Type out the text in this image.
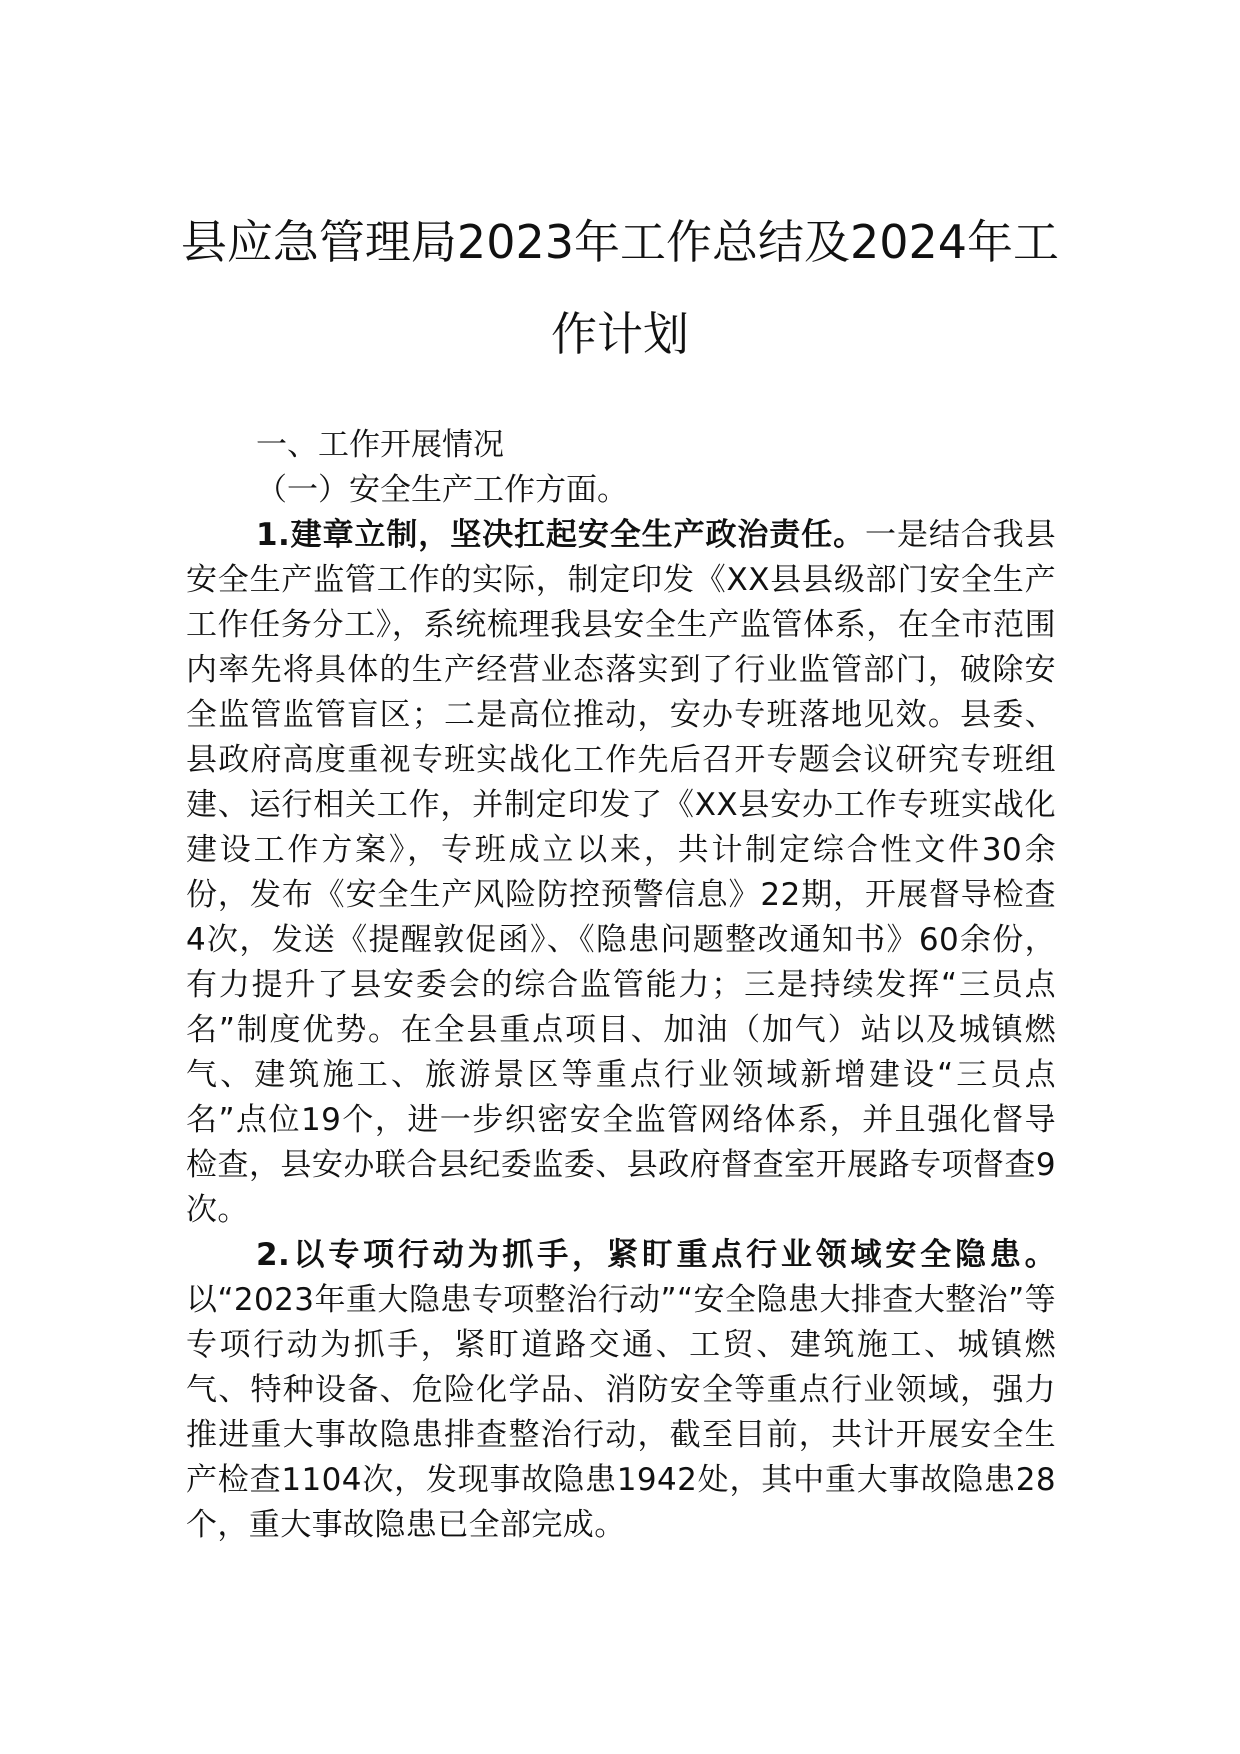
县应急管理局2023年工作总结及2024年工
作计划

一、工作开展情况

（一）安全生产工作方面。

1.建章立制，坚决扛起安全生产政治责任。一是结合我县安全生产监管工作的实际，制定印发《XX县县级部门安全生产工作任务分工》，系统梳理我县安全生产监管体系，在全市范围内率先将具体的生产经营业态落实到了行业监管部门，破除安全监管监管盲区；二是高位推动，安办专班落地见效。县委、县政府高度重视专班实战化工作先后召开专题会议研究专班组建、运行相关工作，并制定印发了《XX县安办工作专班实战化建设工作方案》，专班成立以来，共计制定综合性文件30余份，发布《安全生产风险防控预警信息》22期，开展督导检查4次，发送《提醒敦促函》、《隐患问题整改通知书》60余份，有力提升了县安委会的综合监管能力；三是持续发挥“三员点名”制度优势。在全县重点项目、加油（加气）站以及城镇燃气、建筑施工、旅游景区等重点行业领域新增建设“三员点名”点位19个，进一步织密安全监管网络体系，并且强化督导检查，县安办联合县纪委监委、县政府督查室开展路专项督查9次。

2.以专项行动为抓手，紧盯重点行业领域安全隐患。以“2023年重大隐患专项整治行动”“安全隐患大排查大整治”等专项行动为抓手，紧盯道路交通、工贸、建筑施工、城镇燃气、特种设备、危险化学品、消防安全等重点行业领域，强力推进重大事故隐患排查整治行动，截至目前，共计开展安全生产检查1104次，发现事故隐患1942处，其中重大事故隐患28个，重大事故隐患已全部完成。
